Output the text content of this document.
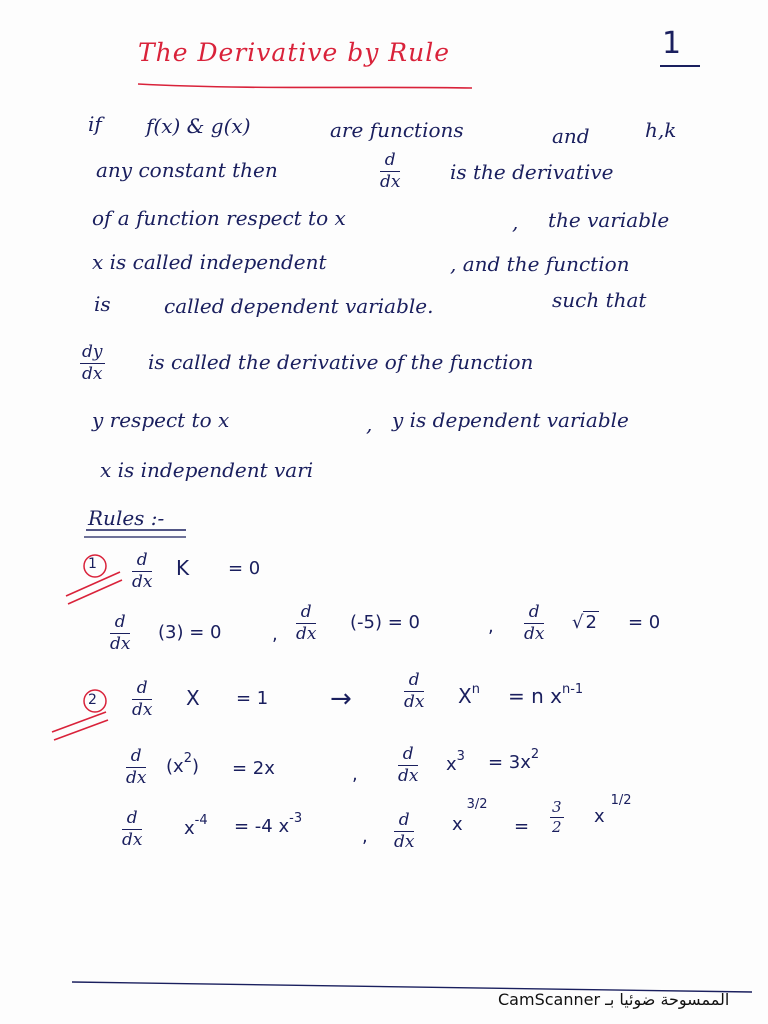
The Derivative by Rule	1
if f(x) & g(x)	are functions	and	h,k
any constant then	d
dx is the derivative
of a function respect to x	, the variable
x is called independent	, and the function
is	called dependent variable.	such that
dy
dx is called the derivative of the function
y respect to x	, y is dependent variable
x is independent vari
Rules :-
1 d
dx
K = 0
d
dx
(3) = 0	,
d
dx
(-5) = 0	,
d
dx
√ 2 = 0
2
d
dx X = 1 →
d
dx $X^n = n$ $x^{n-1}$
d
dx
$(x^2) = 2x$	,
d
dx
$x^3 = 3x^2$
d
dx
$x^{-4} = -4$ $x^{-3}$
,
d
dx
$x^{3/2}$
=
3
2 $x^{1/2}$
CamScanner الممسوحة ضوئيا بـ
